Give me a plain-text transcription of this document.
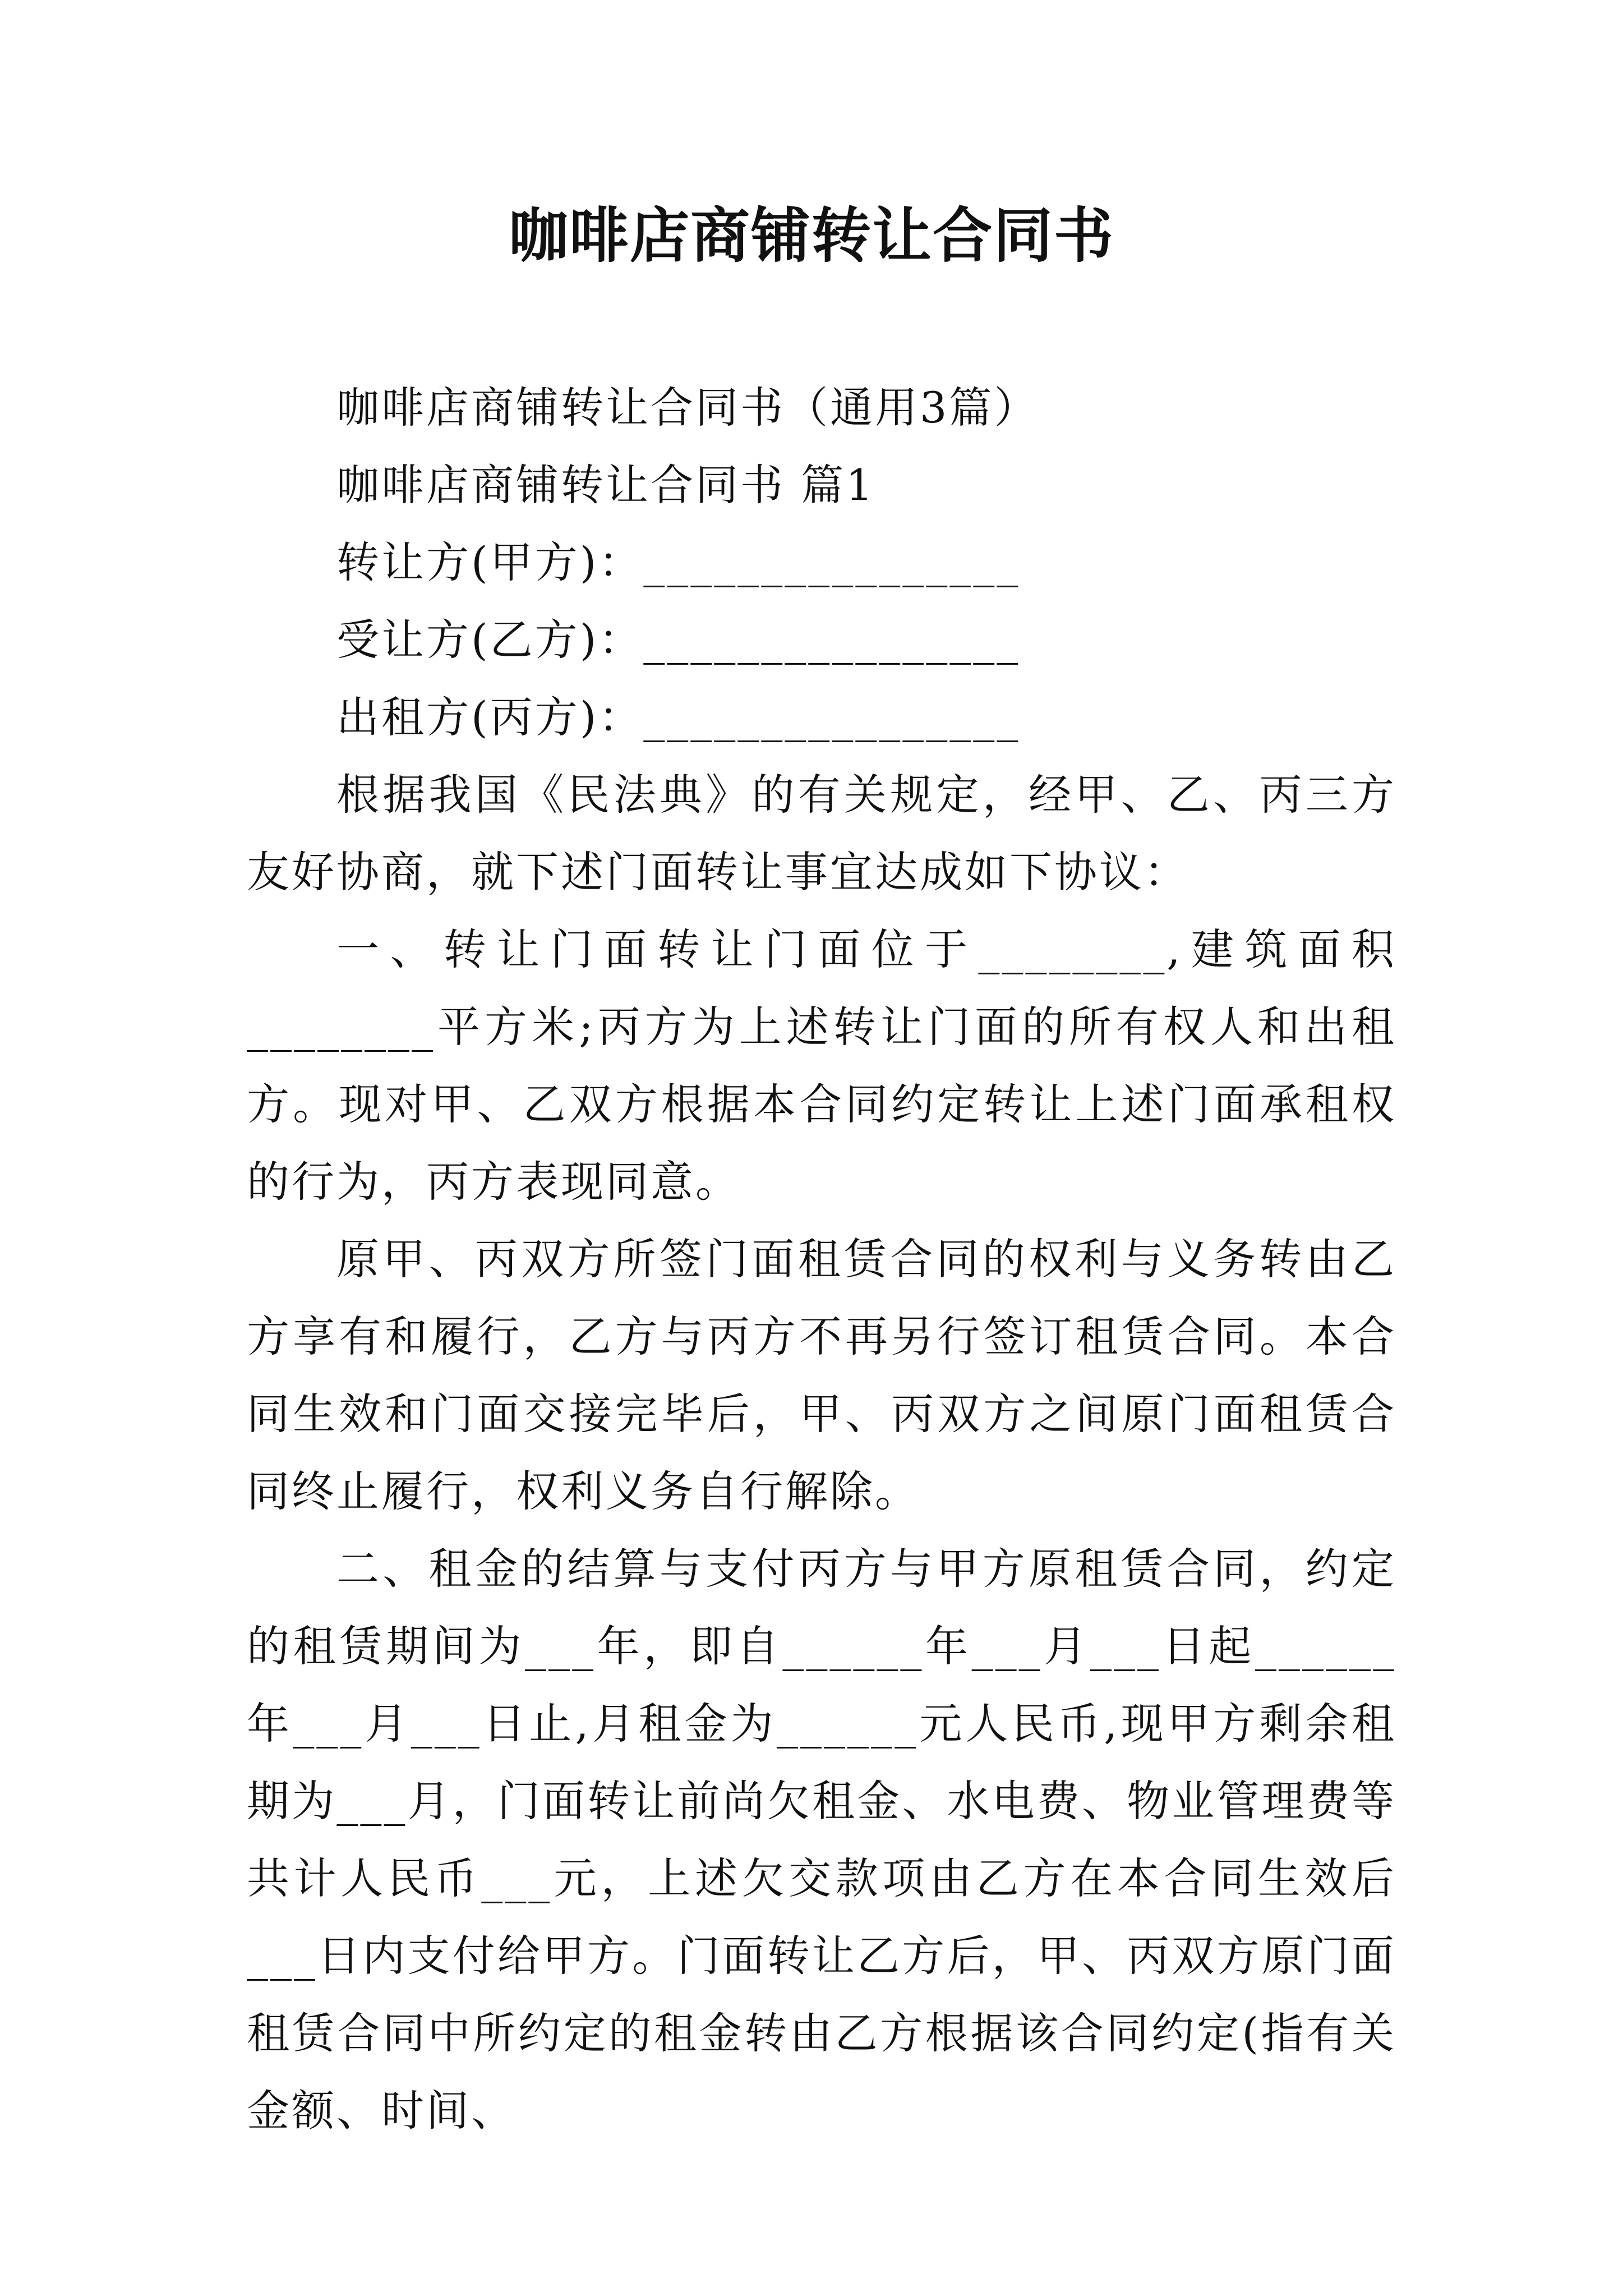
咖啡店商铺转让合同书

咖啡店商铺转让合同书（通用3篇）

咖啡店商铺转让合同书 篇1

转让方(甲方)：________________

受让方(乙方)：________________

出租方(丙方)：________________

根据我国《民法典》的有关规定，经甲、乙、丙三方友好协商，就下述门面转让事宜达成如下协议：

一、转让门面转让门面位于________,建筑面积________平方米;丙方为上述转让门面的所有权人和出租方。现对甲、乙双方根据本合同约定转让上述门面承租权的行为，丙方表现同意。

原甲、丙双方所签门面租赁合同的权利与义务转由乙方享有和履行，乙方与丙方不再另行签订租赁合同。本合同生效和门面交接完毕后，甲、丙双方之间原门面租赁合同终止履行，权利义务自行解除。

二、租金的结算与支付丙方与甲方原租赁合同，约定的租赁期间为___年，即自______年___月___日起______年___月___日止,月租金为______元人民币,现甲方剩余租期为___月，门面转让前尚欠租金、水电费、物业管理费等共计人民币___元，上述欠交款项由乙方在本合同生效后___日内支付给甲方。门面转让乙方后，甲、丙双方原门面租赁合同中所约定的租金转由乙方根据该合同约定(指有关金额、时间、
